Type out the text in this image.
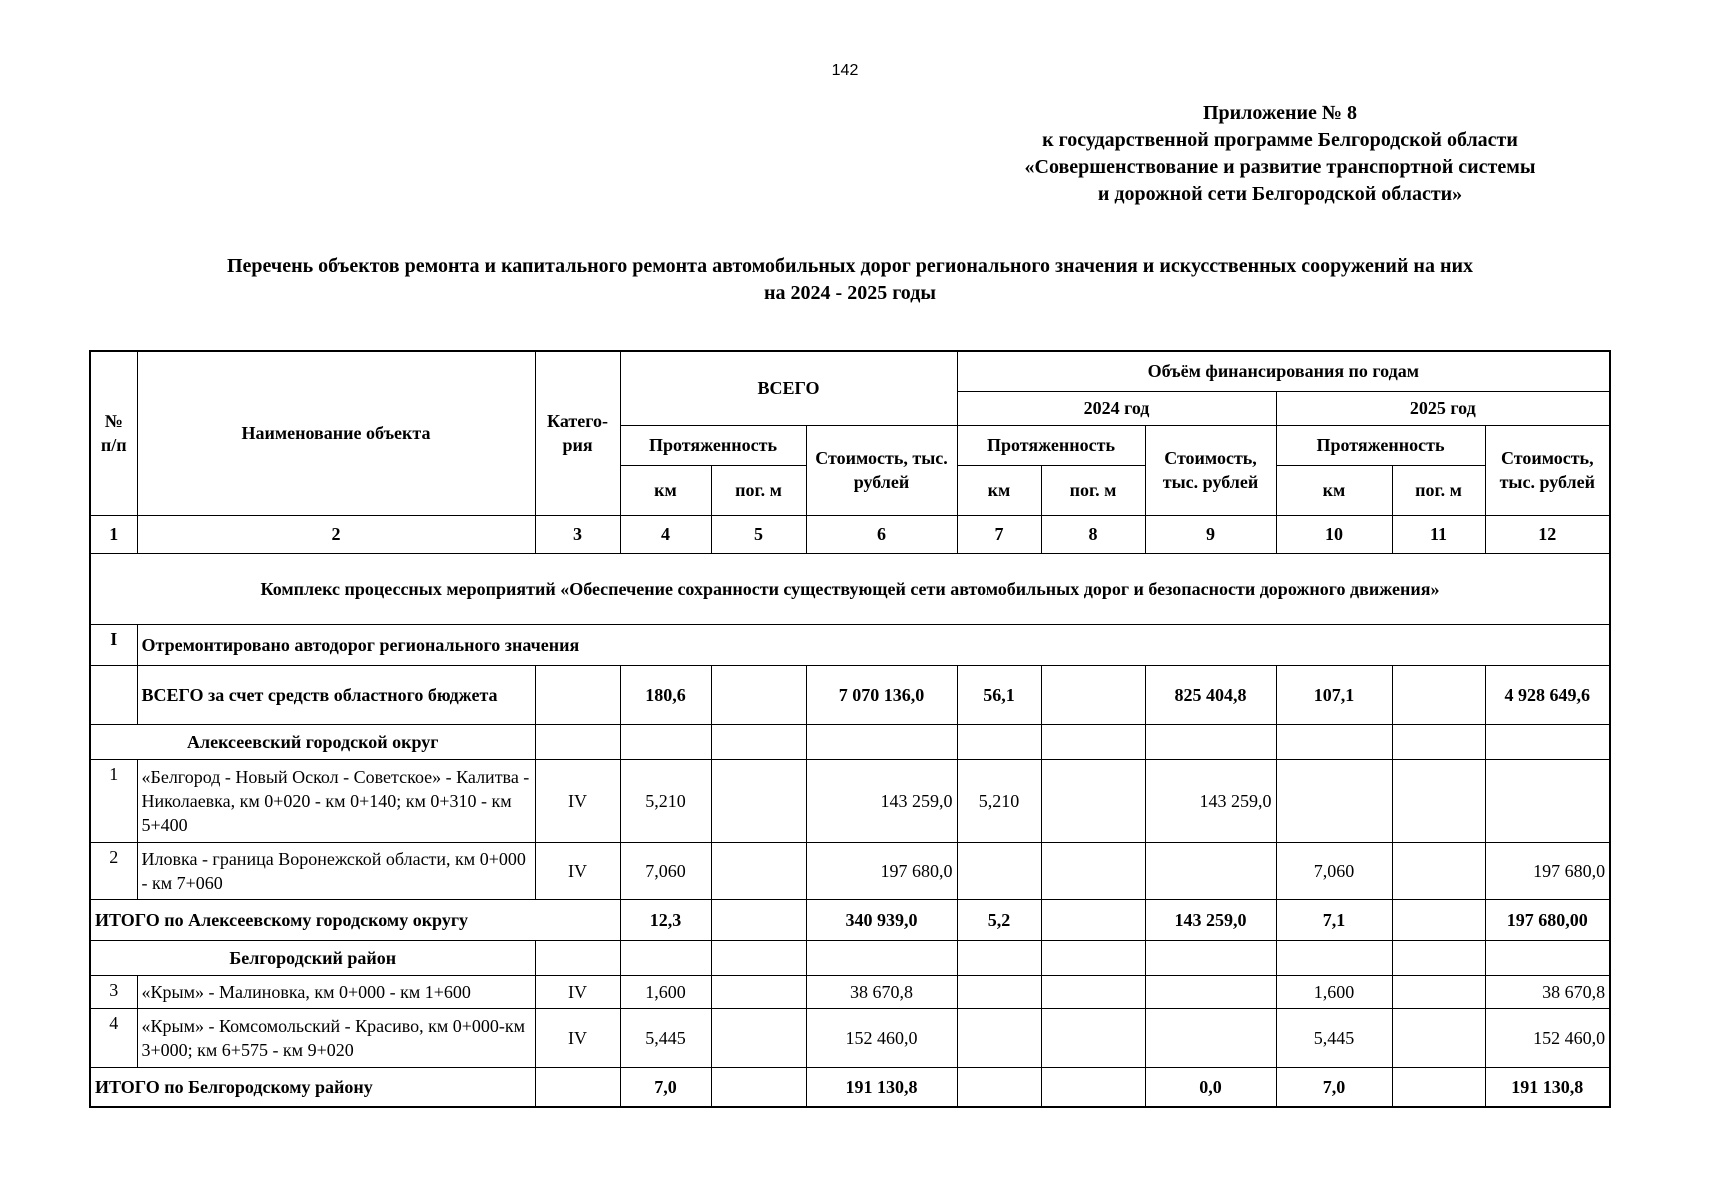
142
Приложение № 8
к государственной программе Белгородской области
«Совершенствование и развитие транспортной системы
и дорожной сети Белгородской области»
Перечень объектов ремонта и капитального ремонта автомобильных дорог регионального значения и искусственных сооружений на них
на 2024 - 2025 годы
№ п/п	Наименование объекта	Катего-рия	ВСЕГО			Объём финансирования по годам					
						2024 год			2025 год		
			Протяженность		Стоимость, тыс. рублей	Протяженность		Стоимость, тыс. рублей	Протяженность		Стоимость, тыс. рублей
			км	пог. м		км	пог. м		км	пог. м	
1	2	3	4	5	6	7	8	9	10	11	12
Комплекс процессных мероприятий «Обеспечение сохранности существующей сети автомобильных дорог и безопасности дорожного движения»											
I	Отремонтировано автодорог регионального значения										
	ВСЕГО за счет средств областного бюджета		180,6		7 070 136,0	56,1		825 404,8	107,1		4 928 649,6
Алексеевский городской округ											
1	«Белгород - Новый Оскол - Советское» - Калитва - Николаевка, км 0+020 - км 0+140; км 0+310 - км 5+400	IV	5,210		143 259,0	5,210		143 259,0			
2	Иловка - граница Воронежской области, км 0+000 - км 7+060	IV	7,060		197 680,0				7,060		197 680,0
ИТОГО по Алексеевскому городскому округу			12,3		340 939,0	5,2		143 259,0	7,1		197 680,00
Белгородский район											
3	«Крым» - Малиновка, км 0+000 - км 1+600	IV	1,600		38 670,8				1,600		38 670,8
4	«Крым» - Комсомольский - Красиво, км 0+000-км 3+000; км 6+575 - км 9+020	IV	5,445		152 460,0				5,445		152 460,0
ИТОГО по Белгородскому району			7,0		191 130,8			0,0	7,0		191 130,8
